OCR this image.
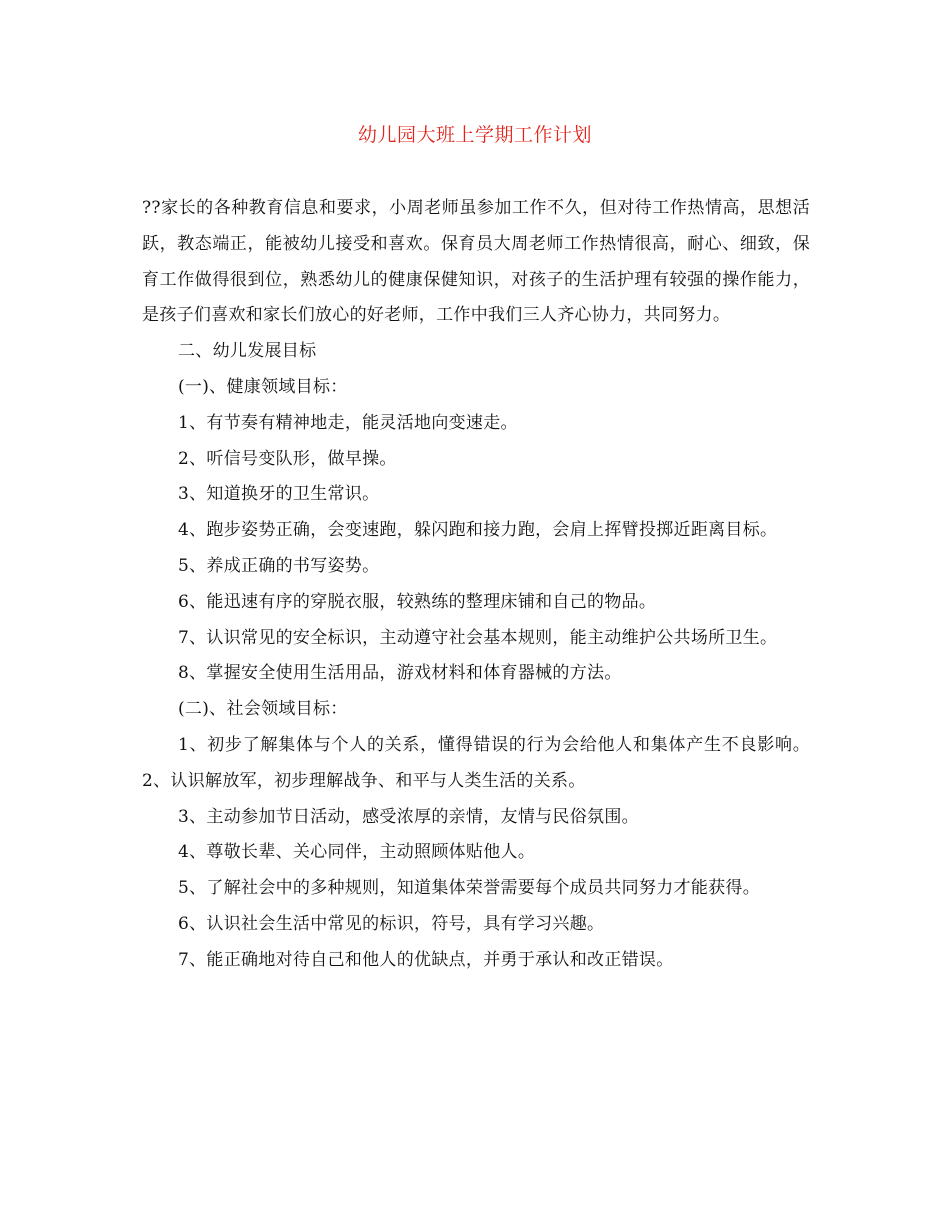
幼儿园大班上学期工作计划

??家长的各种教育信息和要求，小周老师虽参加工作不久，但对待工作热情高，思想活跃，教态端正，能被幼儿接受和喜欢。保育员大周老师工作热情很高，耐心、细致，保育工作做得很到位，熟悉幼儿的健康保健知识，对孩子的生活护理有较强的操作能力，是孩子们喜欢和家长们放心的好老师，工作中我们三人齐心协力，共同努力。

二、幼儿发展目标

(一)、健康领域目标：

1、有节奏有精神地走，能灵活地向变速走。

2、听信号变队形，做早操。

3、知道换牙的卫生常识。

4、跑步姿势正确，会变速跑，躲闪跑和接力跑，会肩上挥臂投掷近距离目标。

5、养成正确的书写姿势。

6、能迅速有序的穿脱衣服，较熟练的整理床铺和自己的物品。

7、认识常见的安全标识，主动遵守社会基本规则，能主动维护公共场所卫生。

8、掌握安全使用生活用品，游戏材料和体育器械的方法。

(二)、社会领域目标：

1、初步了解集体与个人的关系，懂得错误的行为会给他人和集体产生不良影响。2、认识解放军，初步理解战争、和平与人类生活的关系。

3、主动参加节日活动，感受浓厚的亲情，友情与民俗氛围。

4、尊敬长辈、关心同伴，主动照顾体贴他人。

5、了解社会中的多种规则，知道集体荣誉需要每个成员共同努力才能获得。

6、认识社会生活中常见的标识，符号，具有学习兴趣。

7、能正确地对待自己和他人的优缺点，并勇于承认和改正错误。
